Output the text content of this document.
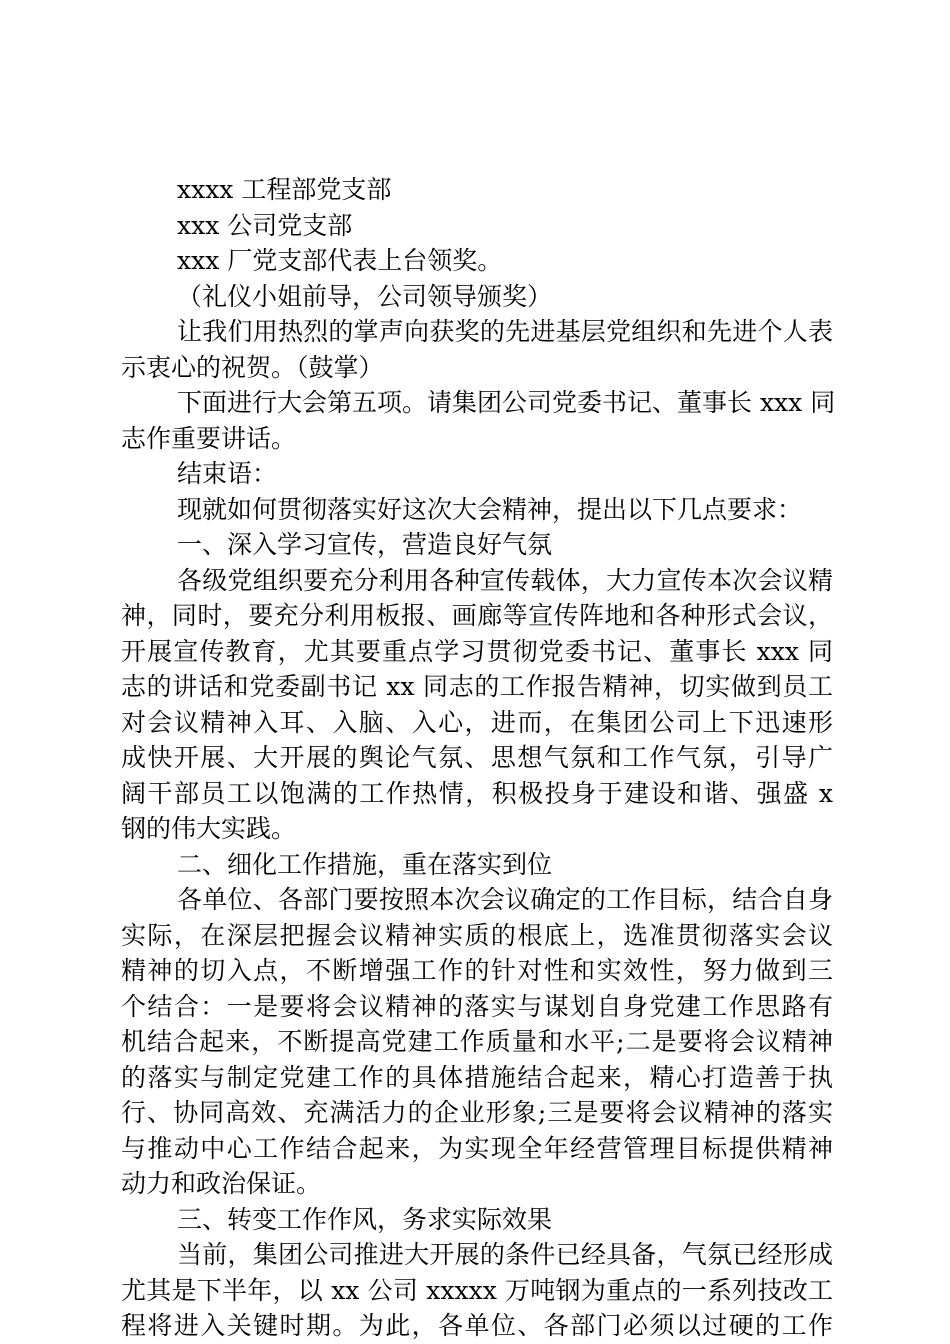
xxxx 工程部党支部
xxx 公司党支部
xxx 厂党支部代表上台领奖。
（礼仪小姐前导，公司领导颁奖）
让我们用热烈的掌声向获奖的先进基层党组织和先进个人表
示衷心的祝贺。（鼓掌）
下面进行大会第五项。请集团公司党委书记、董事长 xxx 同
志作重要讲话。
结束语：
现就如何贯彻落实好这次大会精神，提出以下几点要求：
一、深入学习宣传，营造良好气氛
各级党组织要充分利用各种宣传载体，大力宣传本次会议精
神，同时，要充分利用板报、画廊等宣传阵地和各种形式会议，
开展宣传教育，尤其要重点学习贯彻党委书记、董事长 xxx 同
志的讲话和党委副书记 xx 同志的工作报告精神，切实做到员工
对会议精神入耳、入脑、入心，进而，在集团公司上下迅速形
成快开展、大开展的舆论气氛、思想气氛和工作气氛，引导广
阔干部员工以饱满的工作热情，积极投身于建设和谐、强盛 x
钢的伟大实践。
二、细化工作措施，重在落实到位
各单位、各部门要按照本次会议确定的工作目标，结合自身
实际，在深层把握会议精神实质的根底上，选准贯彻落实会议
精神的切入点，不断增强工作的针对性和实效性，努力做到三
个结合：一是要将会议精神的落实与谋划自身党建工作思路有
机结合起来，不断提高党建工作质量和水平;二是要将会议精神
的落实与制定党建工作的具体措施结合起来，精心打造善于执
行、协同高效、充满活力的企业形象;三是要将会议精神的落实
与推动中心工作结合起来，为实现全年经营管理目标提供精神
动力和政治保证。
三、转变工作作风，务求实际效果
当前，集团公司推进大开展的条件已经具备，气氛已经形成
尤其是下半年，以 xx 公司 xxxxx 万吨钢为重点的一系列技改工
程将进入关键时期。为此，各单位、各部门必须以过硬的工作
